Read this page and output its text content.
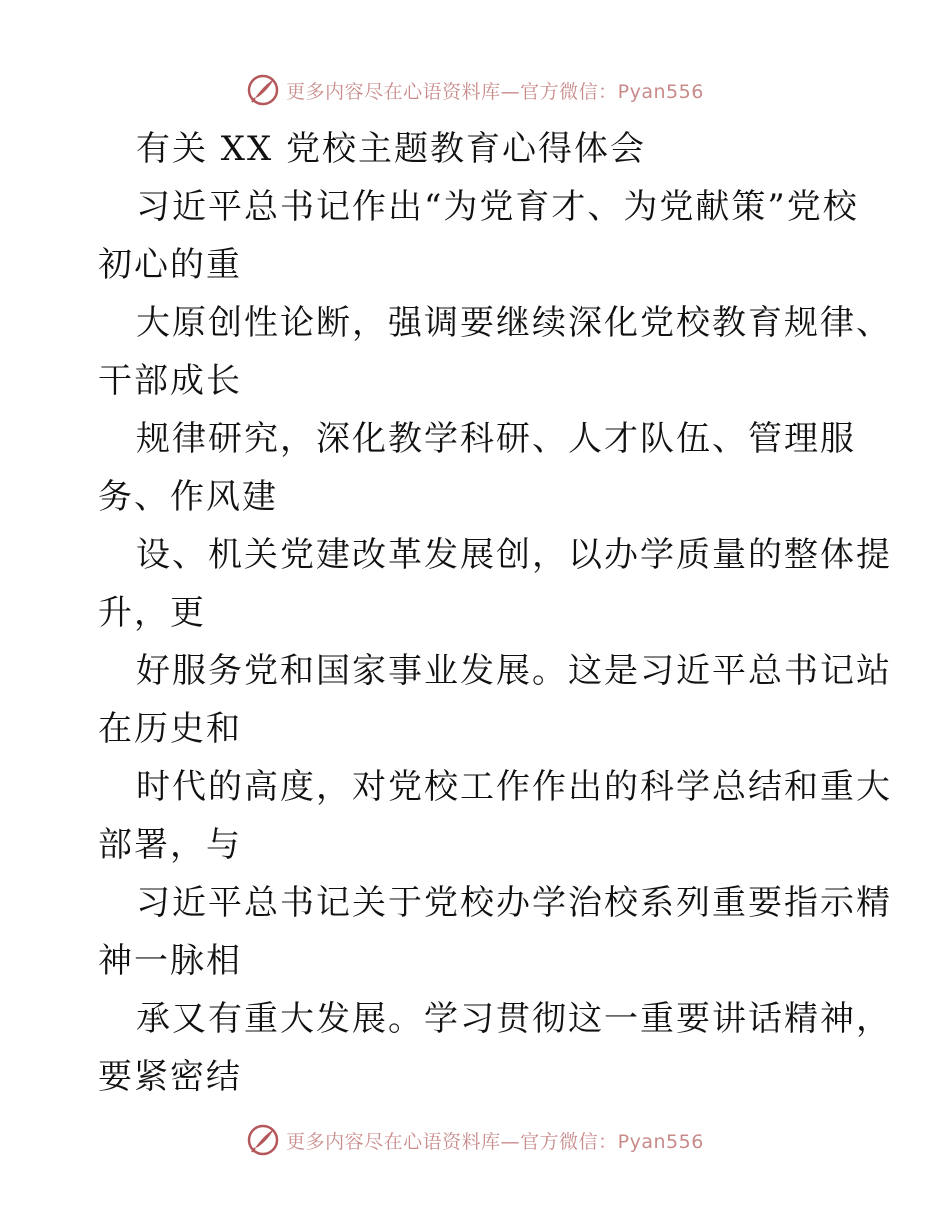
更多内容尽在心语资料库—官方微信：Pyan556
有关 XX 党校主题教育心得体会
习近平总书记作出“为党育才、为党献策”党校
初心的重
大原创性论断，强调要继续深化党校教育规律、
干部成长
规律研究，深化教学科研、人才队伍、管理服
务、作风建
设、机关党建改革发展创，以办学质量的整体提
升，更
好服务党和国家事业发展。这是习近平总书记站
在历史和
时代的高度，对党校工作作出的科学总结和重大
部署，与
习近平总书记关于党校办学治校系列重要指示精
神一脉相
承又有重大发展。学习贯彻这一重要讲话精神，
要紧密结
更多内容尽在心语资料库—官方微信：Pyan556
